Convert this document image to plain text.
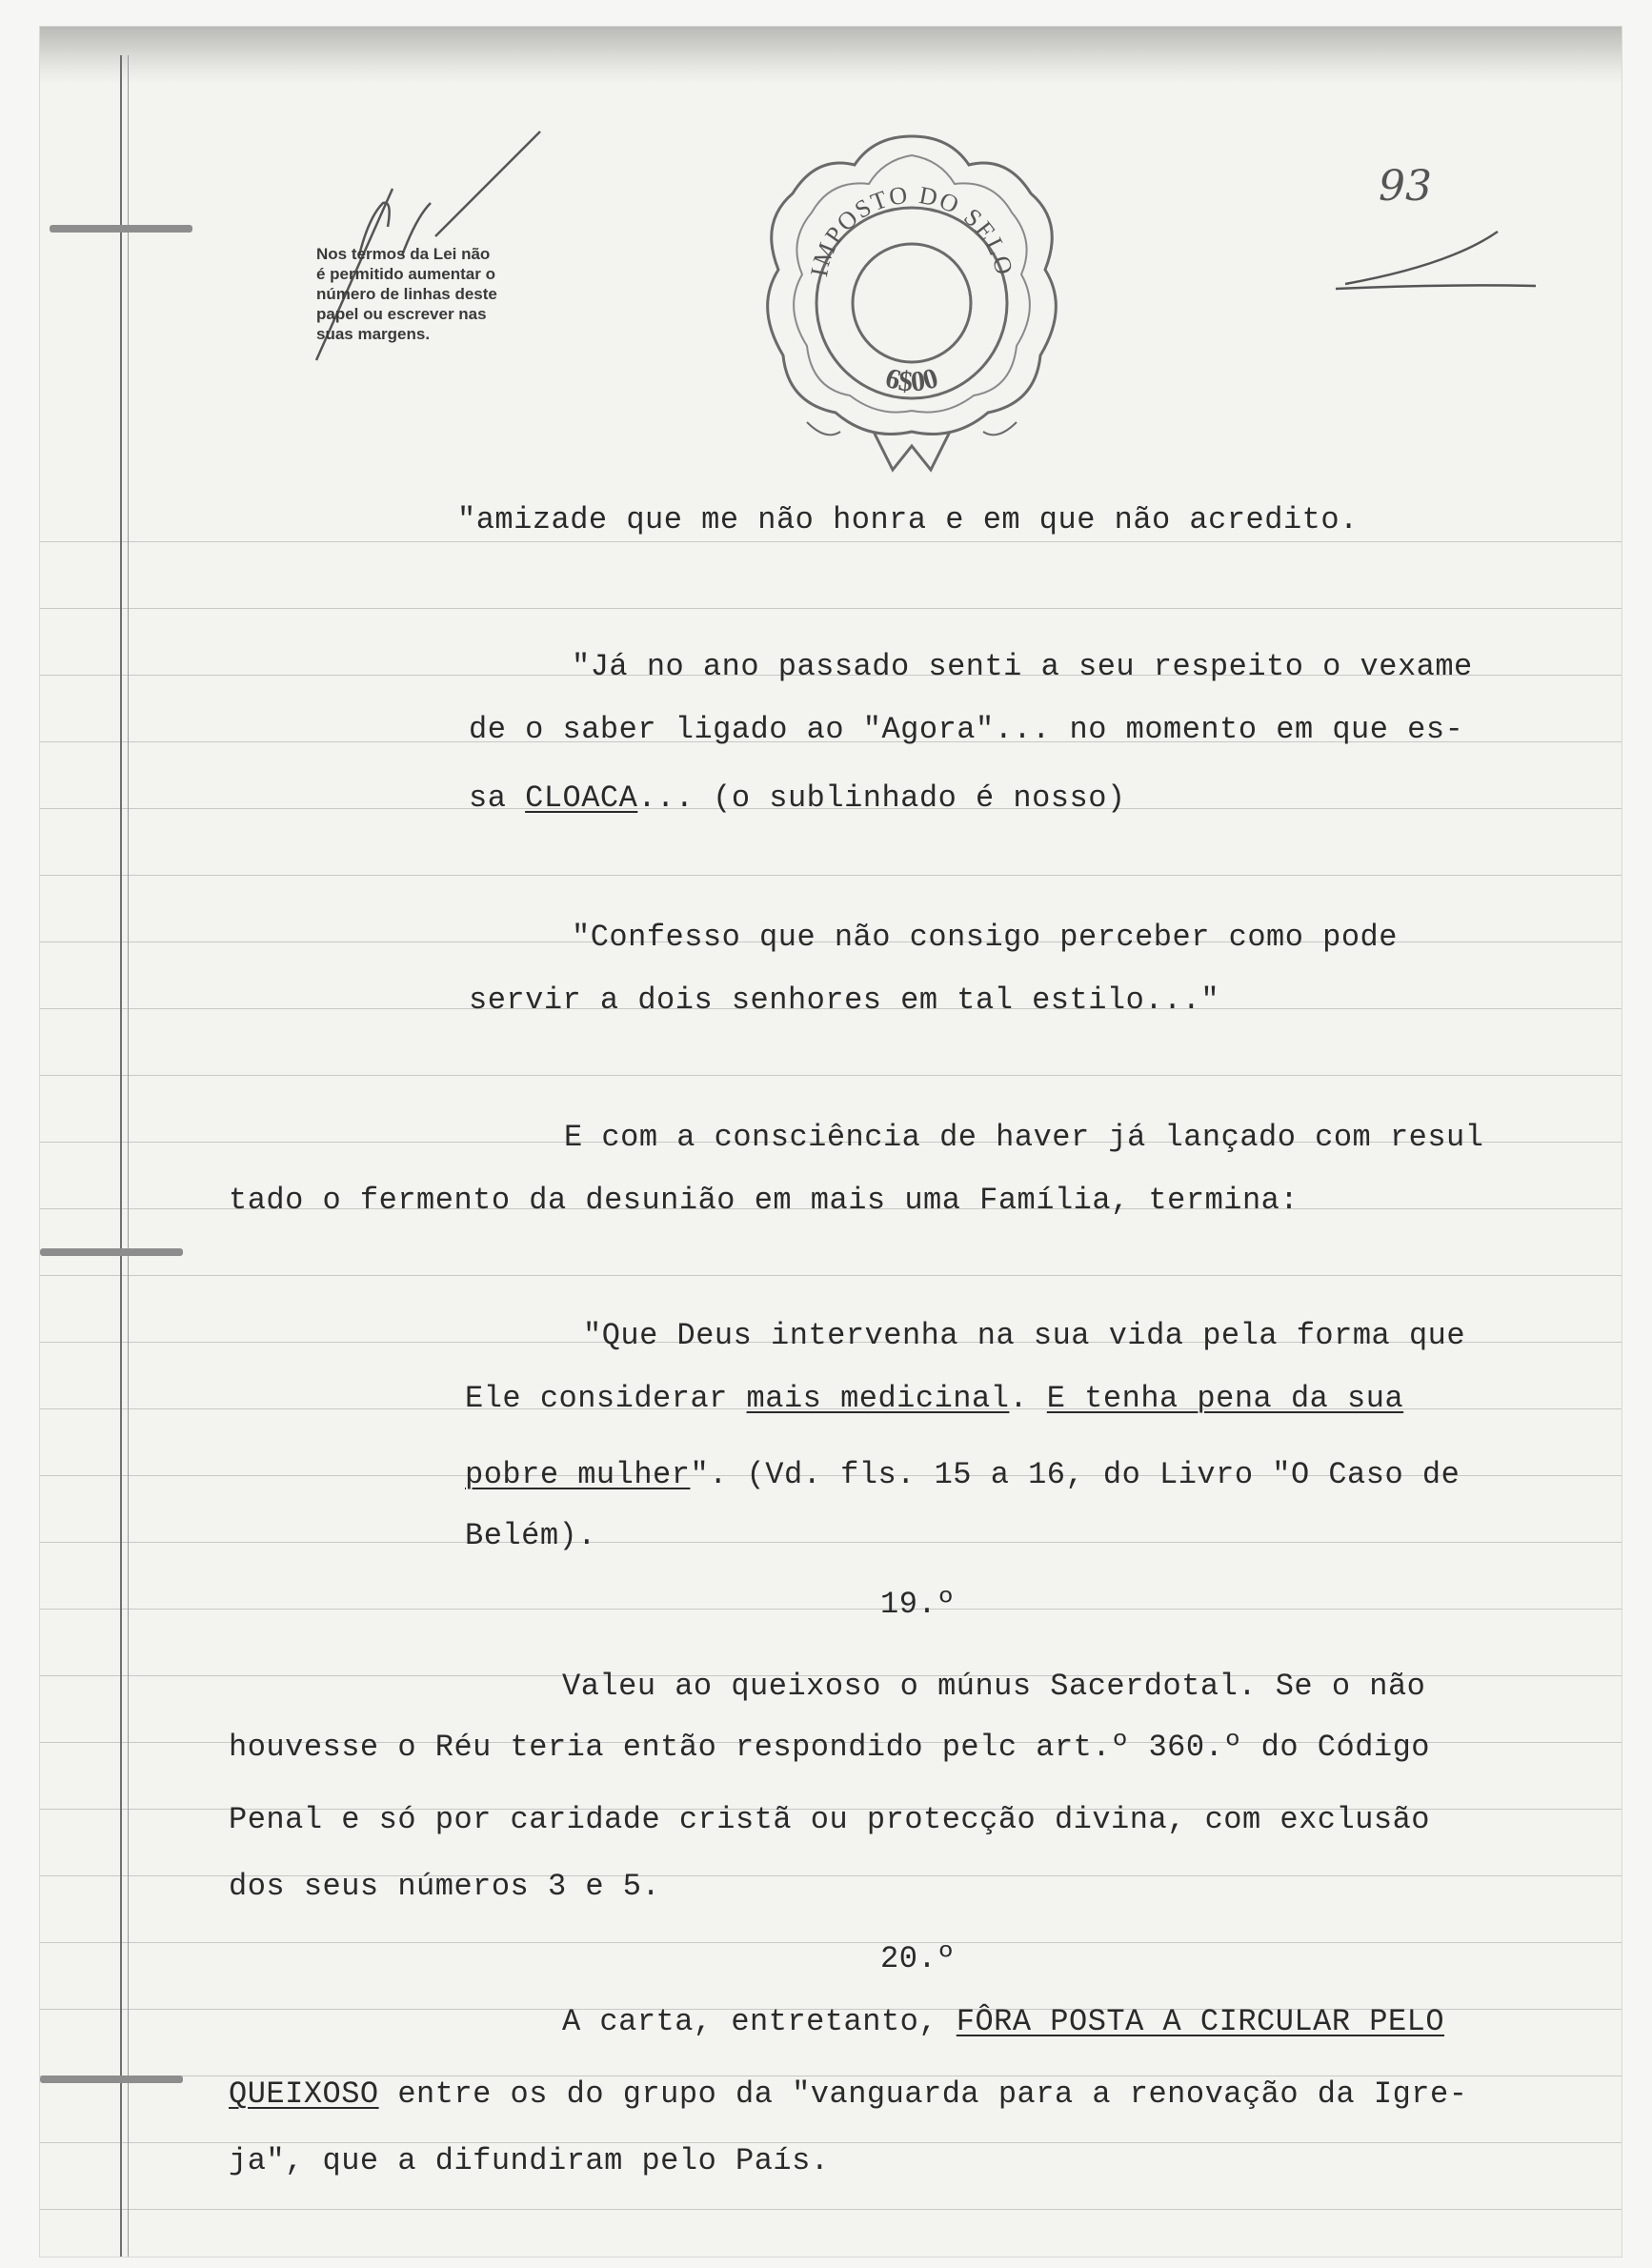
Nos termos da Lei não
é permitido aumentar o
número de linhas deste
papel ou escrever nas
suas margens.
IMPOSTO DO SELO
6$00
93
"amizade que me não honra e em que não acredito.
"Já no ano passado senti a seu respeito o vexame
de o saber ligado ao "Agora"... no momento em que es-
sa CLOACA... (o sublinhado é nosso)
"Confesso que não consigo perceber como pode
servir a dois senhores em tal estilo..."
E com a consciência de haver já lançado com resul
tado o fermento da desunião em mais uma Família, termina:
"Que Deus intervenha na sua vida pela forma que
Ele considerar mais medicinal. E tenha pena da sua
pobre mulher". (Vd. fls. 15 a 16, do Livro "O Caso de
Belém).
19.º
Valeu ao queixoso o múnus Sacerdotal. Se o não
houvesse o Réu teria então respondido pelc art.º 360.º do Código
Penal e só por caridade cristã ou protecção divina, com exclusão
dos seus números 3 e 5.
20.º
A carta, entretanto, FÔRA POSTA A CIRCULAR PELO
QUEIXOSO entre os do grupo da "vanguarda para a renovação da Igre-
ja", que a difundiram pelo País.
